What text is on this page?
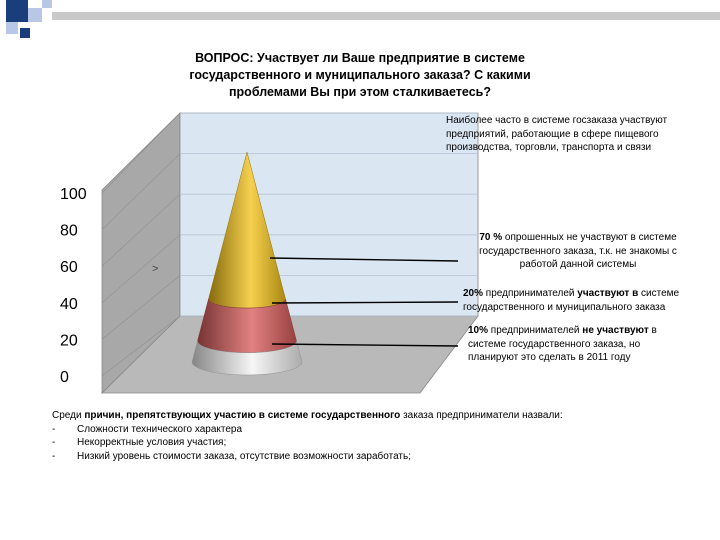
ВОПРОС: Участвует ли Ваше предприятие в системе
государственного и муниципального заказа? С какими
проблемами Вы при этом сталкиваетесь?
100
80
60
40
20
0
>
Наиболее часто в системе госзаказа участвуют предприятий, работающие в сфере пищевого производства, торговли, транспорта и связи
70 % опрошенных не участвуют в системе государственного заказа, т.к. не знакомы с работой данной системы
20% предпринимателей участвуют в системе государственного и муниципального заказа
10% предпринимателей не участвуют в системе государственного заказа, но планируют это сделать в 2011 году
Среди причин, препятствующих участию в системе государственного заказа предприниматели назвали:
-	Сложности технического характера
-	Некорректные условия участия;
-	Низкий уровень стоимости заказа, отсутствие возможности заработать;
